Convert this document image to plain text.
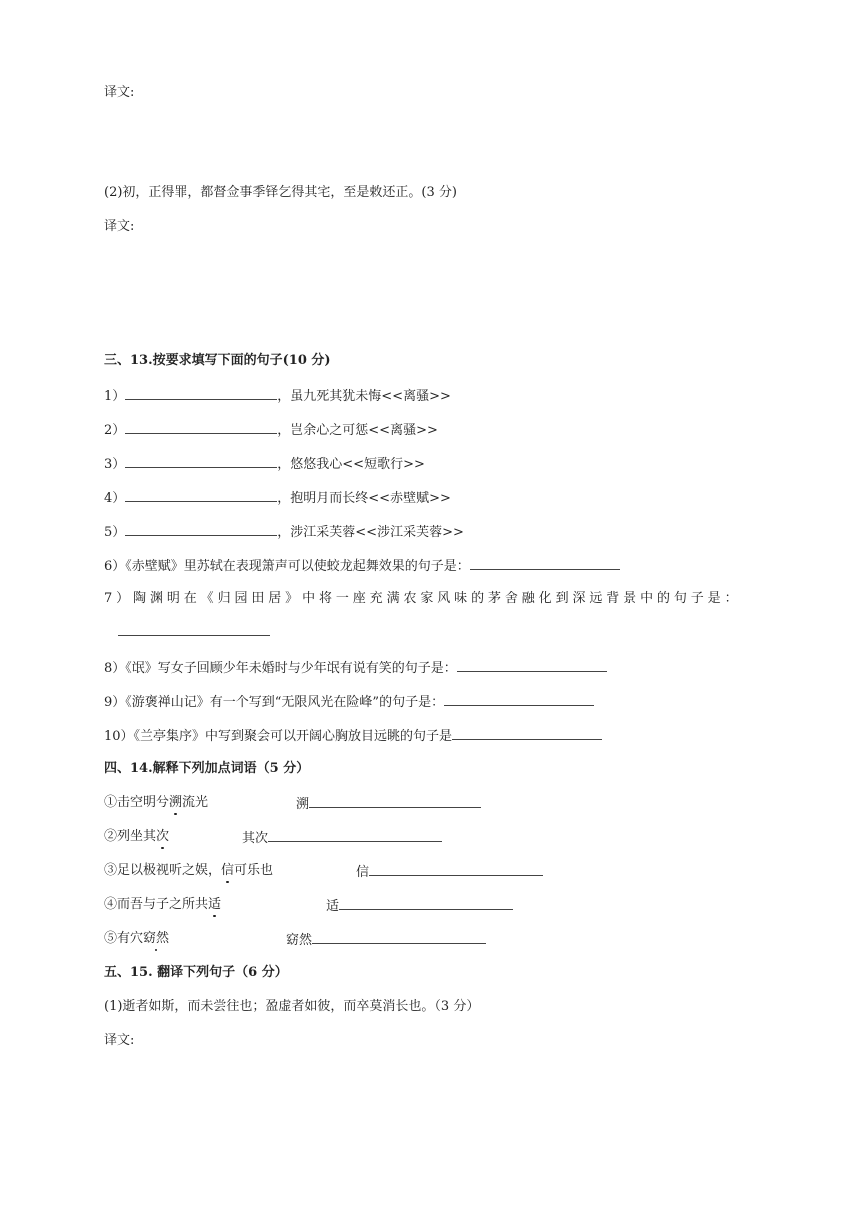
译文:
(2)初，正得罪，都督佥事季铎乞得其宅，至是敕还正。(3 分)
译文:
三、13.按要求填写下面的句子(10 分)
1）	，虽九死其犹未悔<<离骚>>
2）	，岂余心之可惩<<离骚>>
3）	，悠悠我心<<短歌行>>
4）	，抱明月而长终<<赤壁赋>>
5）	，涉江采芙蓉<<涉江采芙蓉>>
6）《赤壁赋》里苏轼在表现箫声可以使蛟龙起舞效果的句子是：
7）陶渊明在《归园田居》中将一座充满农家风味的茅舍融化到深远背景中的句子是：
8）《氓》写女子回顾少年未婚时与少年氓有说有笑的句子是：
9）《游褒禅山记》有一个写到“无限风光在险峰”的句子是：
10）《兰亭集序》中写到聚会可以开阔心胸放目远眺的句子是
四、14.解释下列加点词语（5 分）
①击空明兮溯流光	溯
②列坐其次	其次
③足以极视听之娱，信可乐也	信
④而吾与子之所共适	适
⑤有穴窈然	窈然
五、15. 翻译下列句子（6 分）
(1)逝者如斯，而未尝往也；盈虚者如彼，而卒莫消长也。（3 分）
译文:
